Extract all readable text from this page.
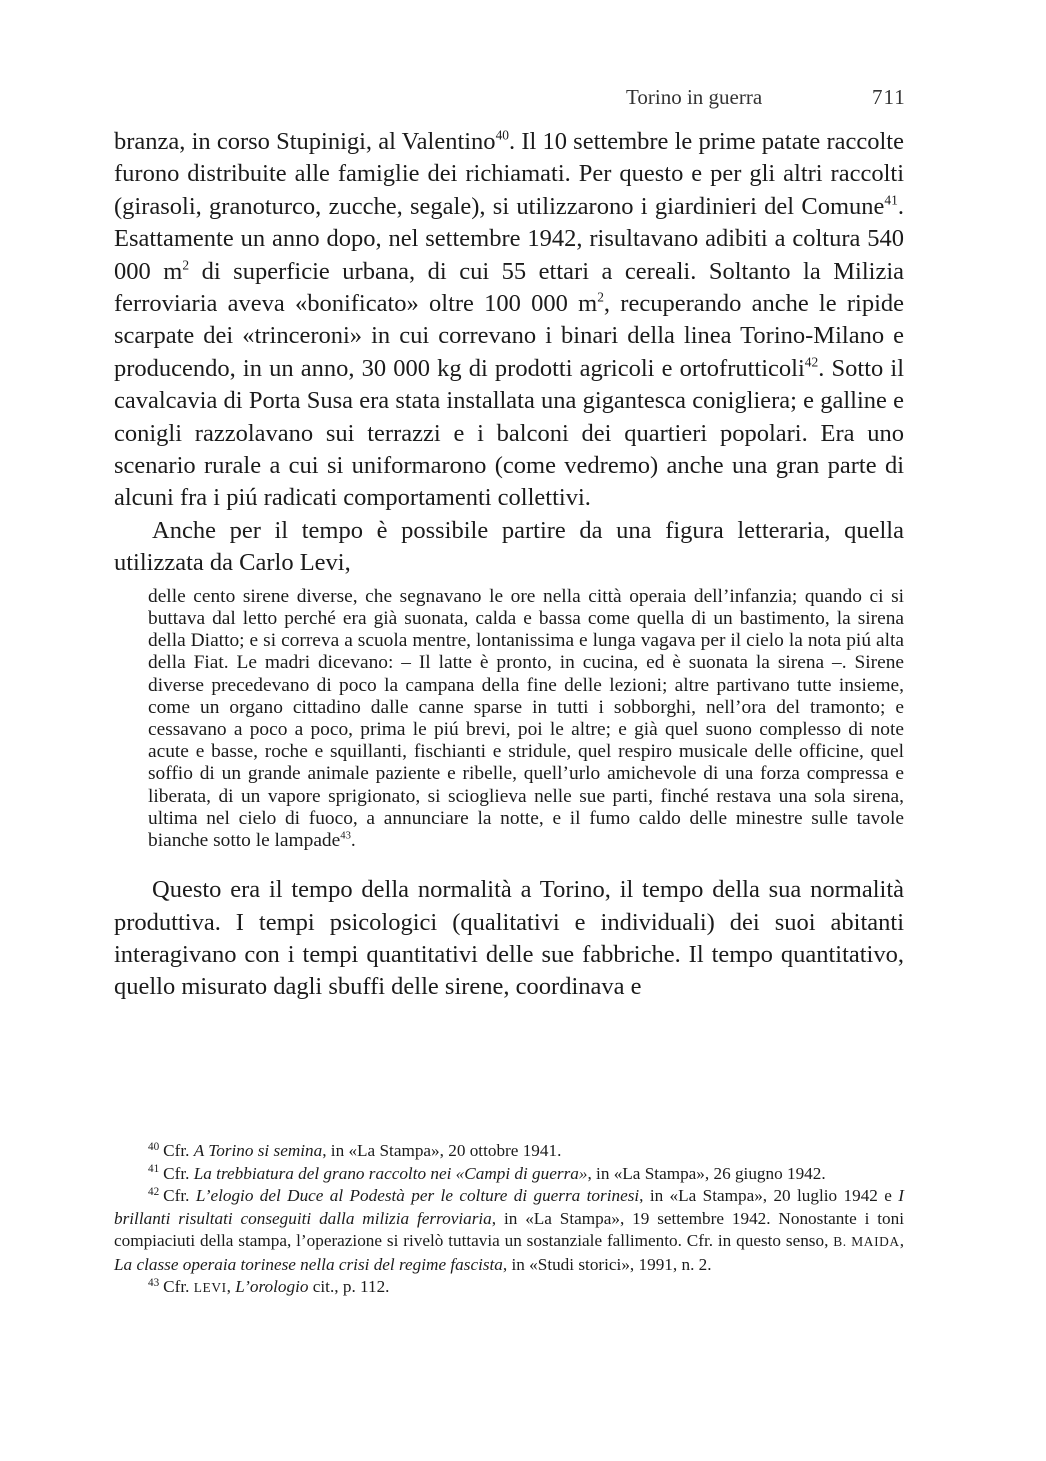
Torino in guerra	711

branza, in corso Stupinigi, al Valentino$^{40}$. Il 10 settembre le prime patate raccolte furono distribuite alle famiglie dei richiamati. Per questo e per gli altri raccolti (girasoli, granoturco, zucche, segale), si utilizzarono i giardinieri del Comune$^{41}$. Esattamente un anno dopo, nel settembre 1942, risultavano adibiti a coltura 540 000 $m^2$ di superficie urbana, di cui 55 ettari a cereali. Soltanto la Milizia ferroviaria aveva «bonificato» oltre 100 000 $m^2$, recuperando anche le ripide scarpate dei «trinceroni» in cui correvano i binari della linea Torino-Milano e producendo, in un anno, 30 000 kg di prodotti agricoli e ortofrutticoli$^{42}$. Sotto il cavalcavia di Porta Susa era stata installata una gigantesca conigliera; e galline e conigli razzolavano sui terrazzi e i balconi dei quartieri popolari. Era uno scenario rurale a cui si uniformarono (come vedremo) anche una gran parte di alcuni fra i piú radicati comportamenti collettivi.

Anche per il tempo è possibile partire da una figura letteraria, quella utilizzata da Carlo Levi,

delle cento sirene diverse, che segnavano le ore nella città operaia dell’infanzia; quando ci si buttava dal letto perché era già suonata, calda e bassa come quella di un bastimento, la sirena della Diatto; e si correva a scuola mentre, lontanissima e lunga vagava per il cielo la nota piú alta della Fiat. Le madri dicevano: – Il latte è pronto, in cucina, ed è suonata la sirena –. Sirene diverse precedevano di poco la campana della fine delle lezioni; altre partivano tutte insieme, come un organo cittadino dalle canne sparse in tutti i sobborghi, nell’ora del tramonto; e cessavano a poco a poco, prima le piú brevi, poi le altre; e già quel suono complesso di note acute e basse, roche e squillanti, fischianti e stridule, quel respiro musicale delle officine, quel soffio di un grande animale paziente e ribelle, quell’urlo amichevole di una forza compressa e liberata, di un vapore sprigionato, si scioglieva nelle sue parti, finché restava una sola sirena, ultima nel cielo di fuoco, a annunciare la notte, e il fumo caldo delle minestre sulle tavole bianche sotto le lampade$^{43}$.

Questo era il tempo della normalità a Torino, il tempo della sua normalità produttiva. I tempi psicologici (qualitativi e individuali) dei suoi abitanti interagivano con i tempi quantitativi delle sue fabbriche. Il tempo quantitativo, quello misurato dagli sbuffi delle sirene, coordinava e

$^{40}$ Cfr. A Torino si semina, in «La Stampa», 20 ottobre 1941.

$^{41}$ Cfr. La trebbiatura del grano raccolto nei «Campi di guerra», in «La Stampa», 26 giugno 1942.

$^{42}$ Cfr. L’elogio del Duce al Podestà per le colture di guerra torinesi, in «La Stampa», 20 luglio 1942 e I brillanti risultati conseguiti dalla milizia ferroviaria, in «La Stampa», 19 settembre 1942. Nonostante i toni compiaciuti della stampa, l’operazione si rivelò tuttavia un sostanziale fallimento. Cfr. in questo senso, B. MAIDA, La classe operaia torinese nella crisi del regime fascista, in «Studi storici», 1991, n. 2.

$^{43}$ Cfr. LEVI, L’orologio cit., p. 112.
